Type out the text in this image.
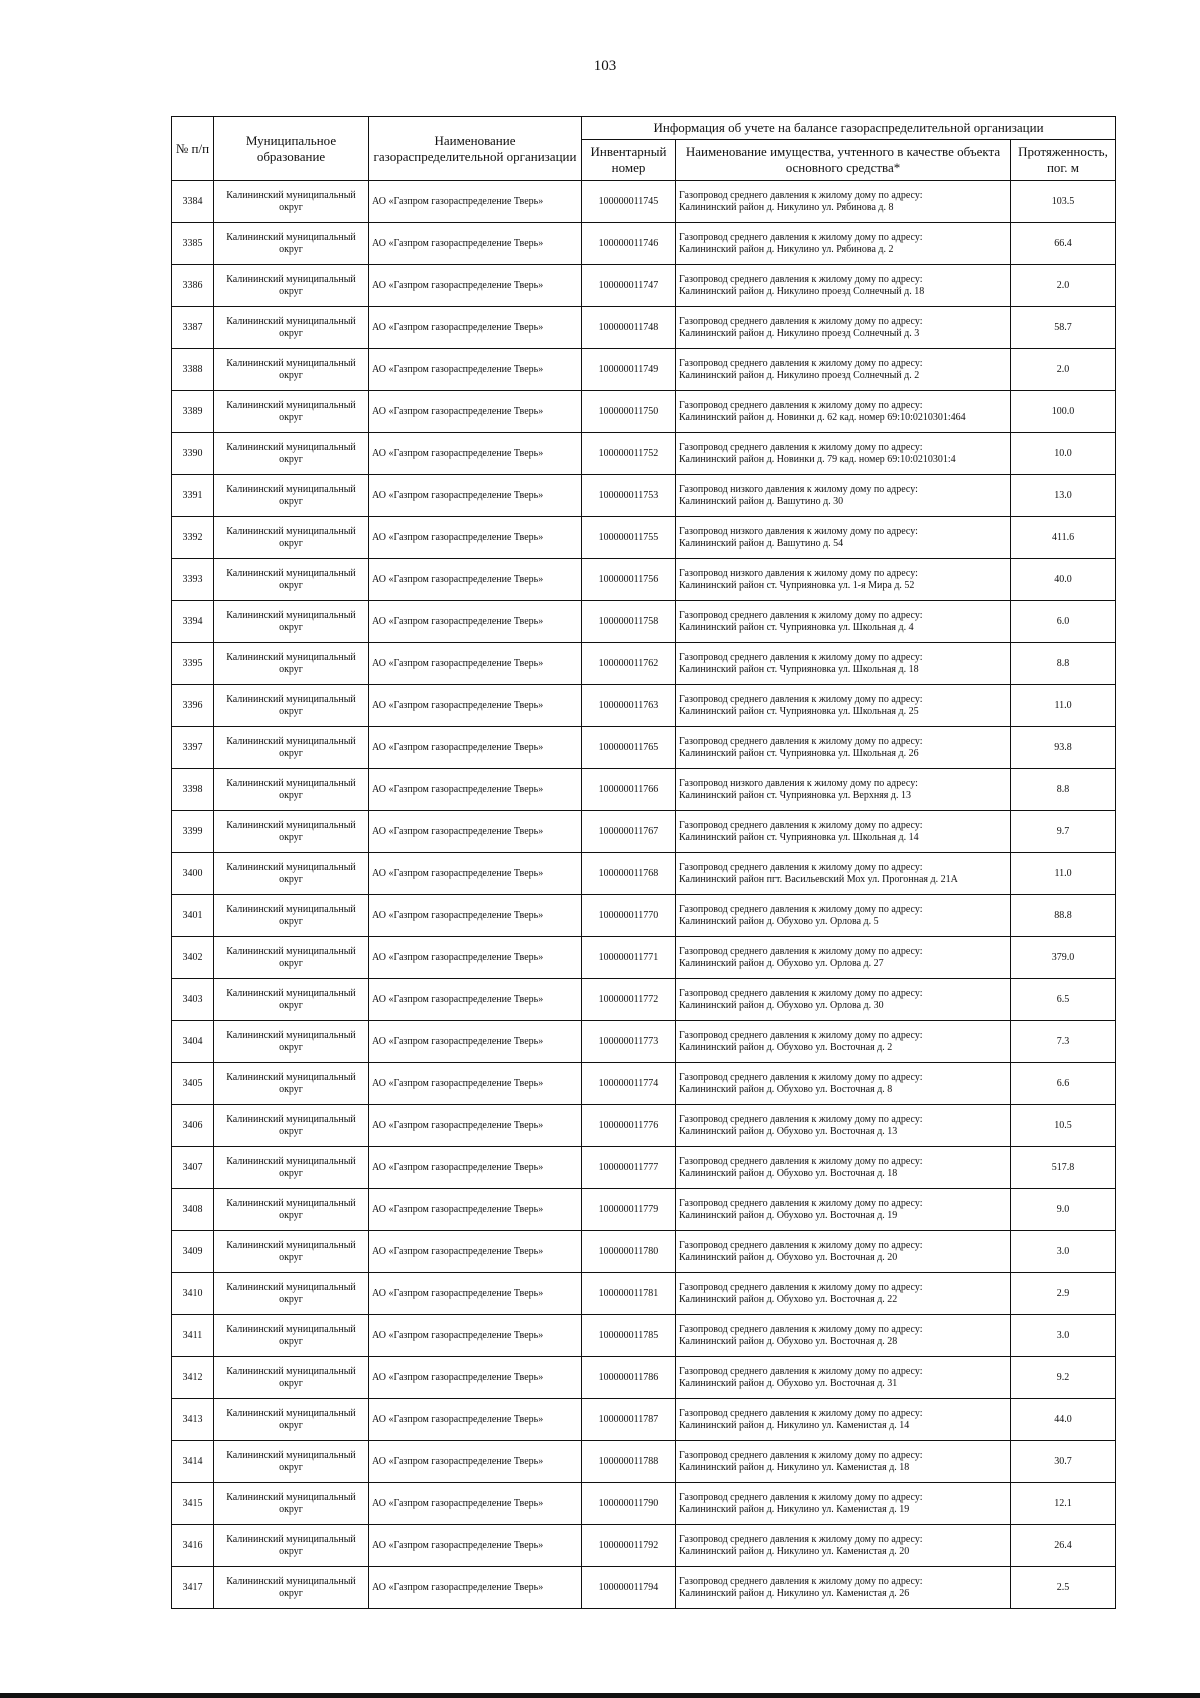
103
№ п/п	Муниципальное образование	Наименование газораспределительной организации	Информация об учете на балансе газораспределительной организации		
			Инвентарный номер	Наименование имущества, учтенного в качестве объекта основного средства*	Протяженность, пог. м
3384	Калининский муниципальный округ	АО «Газпром газораспределение Тверь»	100000011745	Газопровод среднего давления к жилому дому по адресу:
Калининский район д. Никулино ул. Рябинова д. 8	103.5
3385	Калининский муниципальный округ	АО «Газпром газораспределение Тверь»	100000011746	Газопровод среднего давления к жилому дому по адресу:
Калининский район д. Никулино ул. Рябинова д. 2	66.4
3386	Калининский муниципальный округ	АО «Газпром газораспределение Тверь»	100000011747	Газопровод среднего давления к жилому дому по адресу:
Калининский район д. Никулино проезд Солнечный д. 18	2.0
3387	Калининский муниципальный округ	АО «Газпром газораспределение Тверь»	100000011748	Газопровод среднего давления к жилому дому по адресу:
Калининский район д. Никулино проезд Солнечный д. 3	58.7
3388	Калининский муниципальный округ	АО «Газпром газораспределение Тверь»	100000011749	Газопровод среднего давления к жилому дому по адресу:
Калининский район д. Никулино проезд Солнечный д. 2	2.0
3389	Калининский муниципальный округ	АО «Газпром газораспределение Тверь»	100000011750	Газопровод среднего давления к жилому дому по адресу:
Калининский район д. Новинки д. 62 кад. номер 69:10:0210301:464	100.0
3390	Калининский муниципальный округ	АО «Газпром газораспределение Тверь»	100000011752	Газопровод среднего давления к жилому дому по адресу:
Калининский район д. Новинки д. 79 кад. номер 69:10:0210301:4	10.0
3391	Калининский муниципальный округ	АО «Газпром газораспределение Тверь»	100000011753	Газопровод низкого давления к жилому дому по адресу:
Калининский район д. Вашутино д. 30	13.0
3392	Калининский муниципальный округ	АО «Газпром газораспределение Тверь»	100000011755	Газопровод низкого давления к жилому дому по адресу:
Калининский район д. Вашутино д. 54	411.6
3393	Калининский муниципальный округ	АО «Газпром газораспределение Тверь»	100000011756	Газопровод низкого давления к жилому дому по адресу:
Калининский район ст. Чуприяновка ул. 1-я Мира д. 52	40.0
3394	Калининский муниципальный округ	АО «Газпром газораспределение Тверь»	100000011758	Газопровод среднего давления к жилому дому по адресу:
Калининский район ст. Чуприяновка ул. Школьная д. 4	6.0
3395	Калининский муниципальный округ	АО «Газпром газораспределение Тверь»	100000011762	Газопровод среднего давления к жилому дому по адресу:
Калининский район ст. Чуприяновка ул. Школьная д. 18	8.8
3396	Калининский муниципальный округ	АО «Газпром газораспределение Тверь»	100000011763	Газопровод среднего давления к жилому дому по адресу:
Калининский район ст. Чуприяновка ул. Школьная д. 25	11.0
3397	Калининский муниципальный округ	АО «Газпром газораспределение Тверь»	100000011765	Газопровод среднего давления к жилому дому по адресу:
Калининский район ст. Чуприяновка ул. Школьная д. 26	93.8
3398	Калининский муниципальный округ	АО «Газпром газораспределение Тверь»	100000011766	Газопровод низкого давления к жилому дому по адресу:
Калининский район ст. Чуприяновка ул. Верхняя д. 13	8.8
3399	Калининский муниципальный округ	АО «Газпром газораспределение Тверь»	100000011767	Газопровод среднего давления к жилому дому по адресу:
Калининский район ст. Чуприяновка ул. Школьная д. 14	9.7
3400	Калининский муниципальный округ	АО «Газпром газораспределение Тверь»	100000011768	Газопровод среднего давления к жилому дому по адресу:
Калининский район пгт. Васильевский Мох ул. Прогонная д. 21А	11.0
3401	Калининский муниципальный округ	АО «Газпром газораспределение Тверь»	100000011770	Газопровод среднего давления к жилому дому по адресу:
Калининский район д. Обухово ул. Орлова д. 5	88.8
3402	Калининский муниципальный округ	АО «Газпром газораспределение Тверь»	100000011771	Газопровод среднего давления к жилому дому по адресу:
Калининский район д. Обухово ул. Орлова д. 27	379.0
3403	Калининский муниципальный округ	АО «Газпром газораспределение Тверь»	100000011772	Газопровод среднего давления к жилому дому по адресу:
Калининский район д. Обухово ул. Орлова д. 30	6.5
3404	Калининский муниципальный округ	АО «Газпром газораспределение Тверь»	100000011773	Газопровод среднего давления к жилому дому по адресу:
Калининский район д. Обухово ул. Восточная д. 2	7.3
3405	Калининский муниципальный округ	АО «Газпром газораспределение Тверь»	100000011774	Газопровод среднего давления к жилому дому по адресу:
Калининский район д. Обухово ул. Восточная д. 8	6.6
3406	Калининский муниципальный округ	АО «Газпром газораспределение Тверь»	100000011776	Газопровод среднего давления к жилому дому по адресу:
Калининский район д. Обухово ул. Восточная д. 13	10.5
3407	Калининский муниципальный округ	АО «Газпром газораспределение Тверь»	100000011777	Газопровод среднего давления к жилому дому по адресу:
Калининский район д. Обухово ул. Восточная д. 18	517.8
3408	Калининский муниципальный округ	АО «Газпром газораспределение Тверь»	100000011779	Газопровод среднего давления к жилому дому по адресу:
Калининский район д. Обухово ул. Восточная д. 19	9.0
3409	Калининский муниципальный округ	АО «Газпром газораспределение Тверь»	100000011780	Газопровод среднего давления к жилому дому по адресу:
Калининский район д. Обухово ул. Восточная д. 20	3.0
3410	Калининский муниципальный округ	АО «Газпром газораспределение Тверь»	100000011781	Газопровод среднего давления к жилому дому по адресу:
Калининский район д. Обухово ул. Восточная д. 22	2.9
3411	Калининский муниципальный округ	АО «Газпром газораспределение Тверь»	100000011785	Газопровод среднего давления к жилому дому по адресу:
Калининский район д. Обухово ул. Восточная д. 28	3.0
3412	Калининский муниципальный округ	АО «Газпром газораспределение Тверь»	100000011786	Газопровод среднего давления к жилому дому по адресу:
Калининский район д. Обухово ул. Восточная д. 31	9.2
3413	Калининский муниципальный округ	АО «Газпром газораспределение Тверь»	100000011787	Газопровод среднего давления к жилому дому по адресу:
Калининский район д. Никулино ул. Каменистая д. 14	44.0
3414	Калининский муниципальный округ	АО «Газпром газораспределение Тверь»	100000011788	Газопровод среднего давления к жилому дому по адресу:
Калининский район д. Никулино ул. Каменистая д. 18	30.7
3415	Калининский муниципальный округ	АО «Газпром газораспределение Тверь»	100000011790	Газопровод среднего давления к жилому дому по адресу:
Калининский район д. Никулино ул. Каменистая д. 19	12.1
3416	Калининский муниципальный округ	АО «Газпром газораспределение Тверь»	100000011792	Газопровод среднего давления к жилому дому по адресу:
Калининский район д. Никулино ул. Каменистая д. 20	26.4
3417	Калининский муниципальный округ	АО «Газпром газораспределение Тверь»	100000011794	Газопровод среднего давления к жилому дому по адресу:
Калининский район д. Никулино ул. Каменистая д. 26	2.5
